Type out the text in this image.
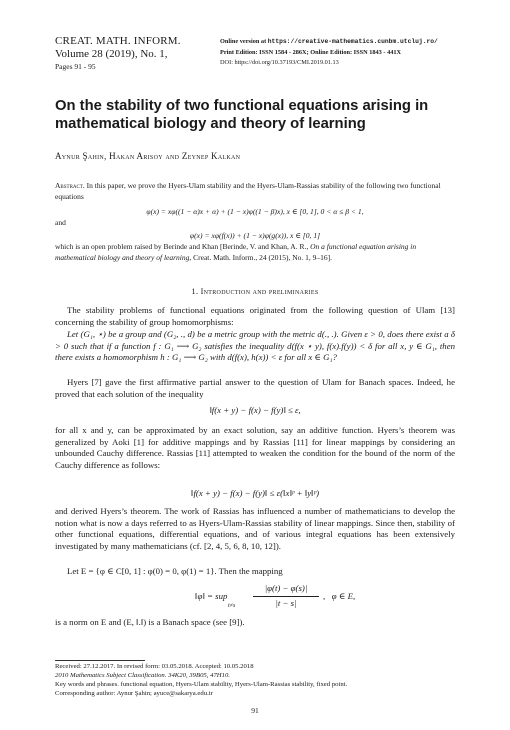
CREAT. MATH. INFORM.
Volume 28 (2019), No. 1,
Pages 91 - 95
Online version at https://creative-mathematics.cunbm.utcluj.ro/
Print Edition: ISSN 1584 - 286X; Online Edition: ISSN 1843 - 441X
DOI: https://doi.org/10.37193/CMI.2019.01.13
On the stability of two functional equations arising in
mathematical biology and theory of learning
Aynur Şahin, Hakan Arisoy and Zeynep Kalkan
Abstract. In this paper, we prove the Hyers-Ulam stability and the Hyers-Ulam-Rassias stability of the following two functional equations
φ(x) = xφ((1 − α)x + α) + (1 − x)φ((1 − β)x), x ∈ [0, 1], 0 < α ≤ β < 1,
and
φ(x) = xφ(f(x)) + (1 − x)φ(g(x)), x ∈ [0, 1]
which is an open problem raised by Berinde and Khan [Berinde, V. and Khan, A. R., On a functional equation arising in mathematical biology and theory of learning, Creat. Math. Inform., 24 (2015), No. 1, 9–16].
1. Introduction and preliminaries
The stability problems of functional equations originated from the following question of Ulam [13] concerning the stability of group homomorphisms:
Let (G₁, ⋆) be a group and (G₂, ., d) be a metric group with the metric d(., .). Given ε > 0, does there exist a δ > 0 such that if a function f : G₁ ⟶ G₂ satisfies the inequality d(f(x ⋆ y), f(x).f(y)) < δ for all x, y ∈ G₁, then there exists a homomorphism h : G₁ ⟶ G₂ with d(f(x), h(x)) < ε for all x ∈ G₁?
Hyers [7] gave the first affirmative partial answer to the question of Ulam for Banach spaces. Indeed, he proved that each solution of the inequality
‖f(x + y) − f(x) − f(y)‖ ≤ ε,
for all x and y, can be approximated by an exact solution, say an additive function. Hyers’s theorem was generalized by Aoki [1] for additive mappings and by Rassias [11] for linear mappings by considering an unbounded Cauchy difference. Rassias [11] attempted to weaken the condition for the bound of the norm of the Cauchy difference as follows:
‖f(x + y) − f(x) − f(y)‖ ≤ ε(‖x‖ᵖ + ‖y‖ᵖ)
and derived Hyers’s theorem. The work of Rassias has influenced a number of mathematicians to develop the notion what is now a days referred to as Hyers-Ulam-Rassias stability of linear mappings. Since then, stability of other functional equations, differential equations, and of various integral equations has been extensively investigated by many mathematicians (cf. [2, 4, 5, 6, 8, 10, 12]).
Let E = {φ ∈ C[0, 1] : φ(0) = 0, φ(1) = 1}. Then the mapping
‖φ‖ = sup
t≠s
|φ(t) − φ(s)|
|t − s|
,   φ ∈ E,
is a norm on E and (E, ‖.‖) is a Banach space (see [9]).
Received: 27.12.2017. In revised form: 03.05.2018. Accepted: 10.05.2018
2010 Mathematics Subject Classification. 34K20, 39B05, 47H10.
Key words and phrases. functional equation, Hyers-Ulam stability, Hyers-Ulam-Rassias stability, fixed point.
Corresponding author: Aynur Şahin; ayuce@sakarya.edu.tr
91
